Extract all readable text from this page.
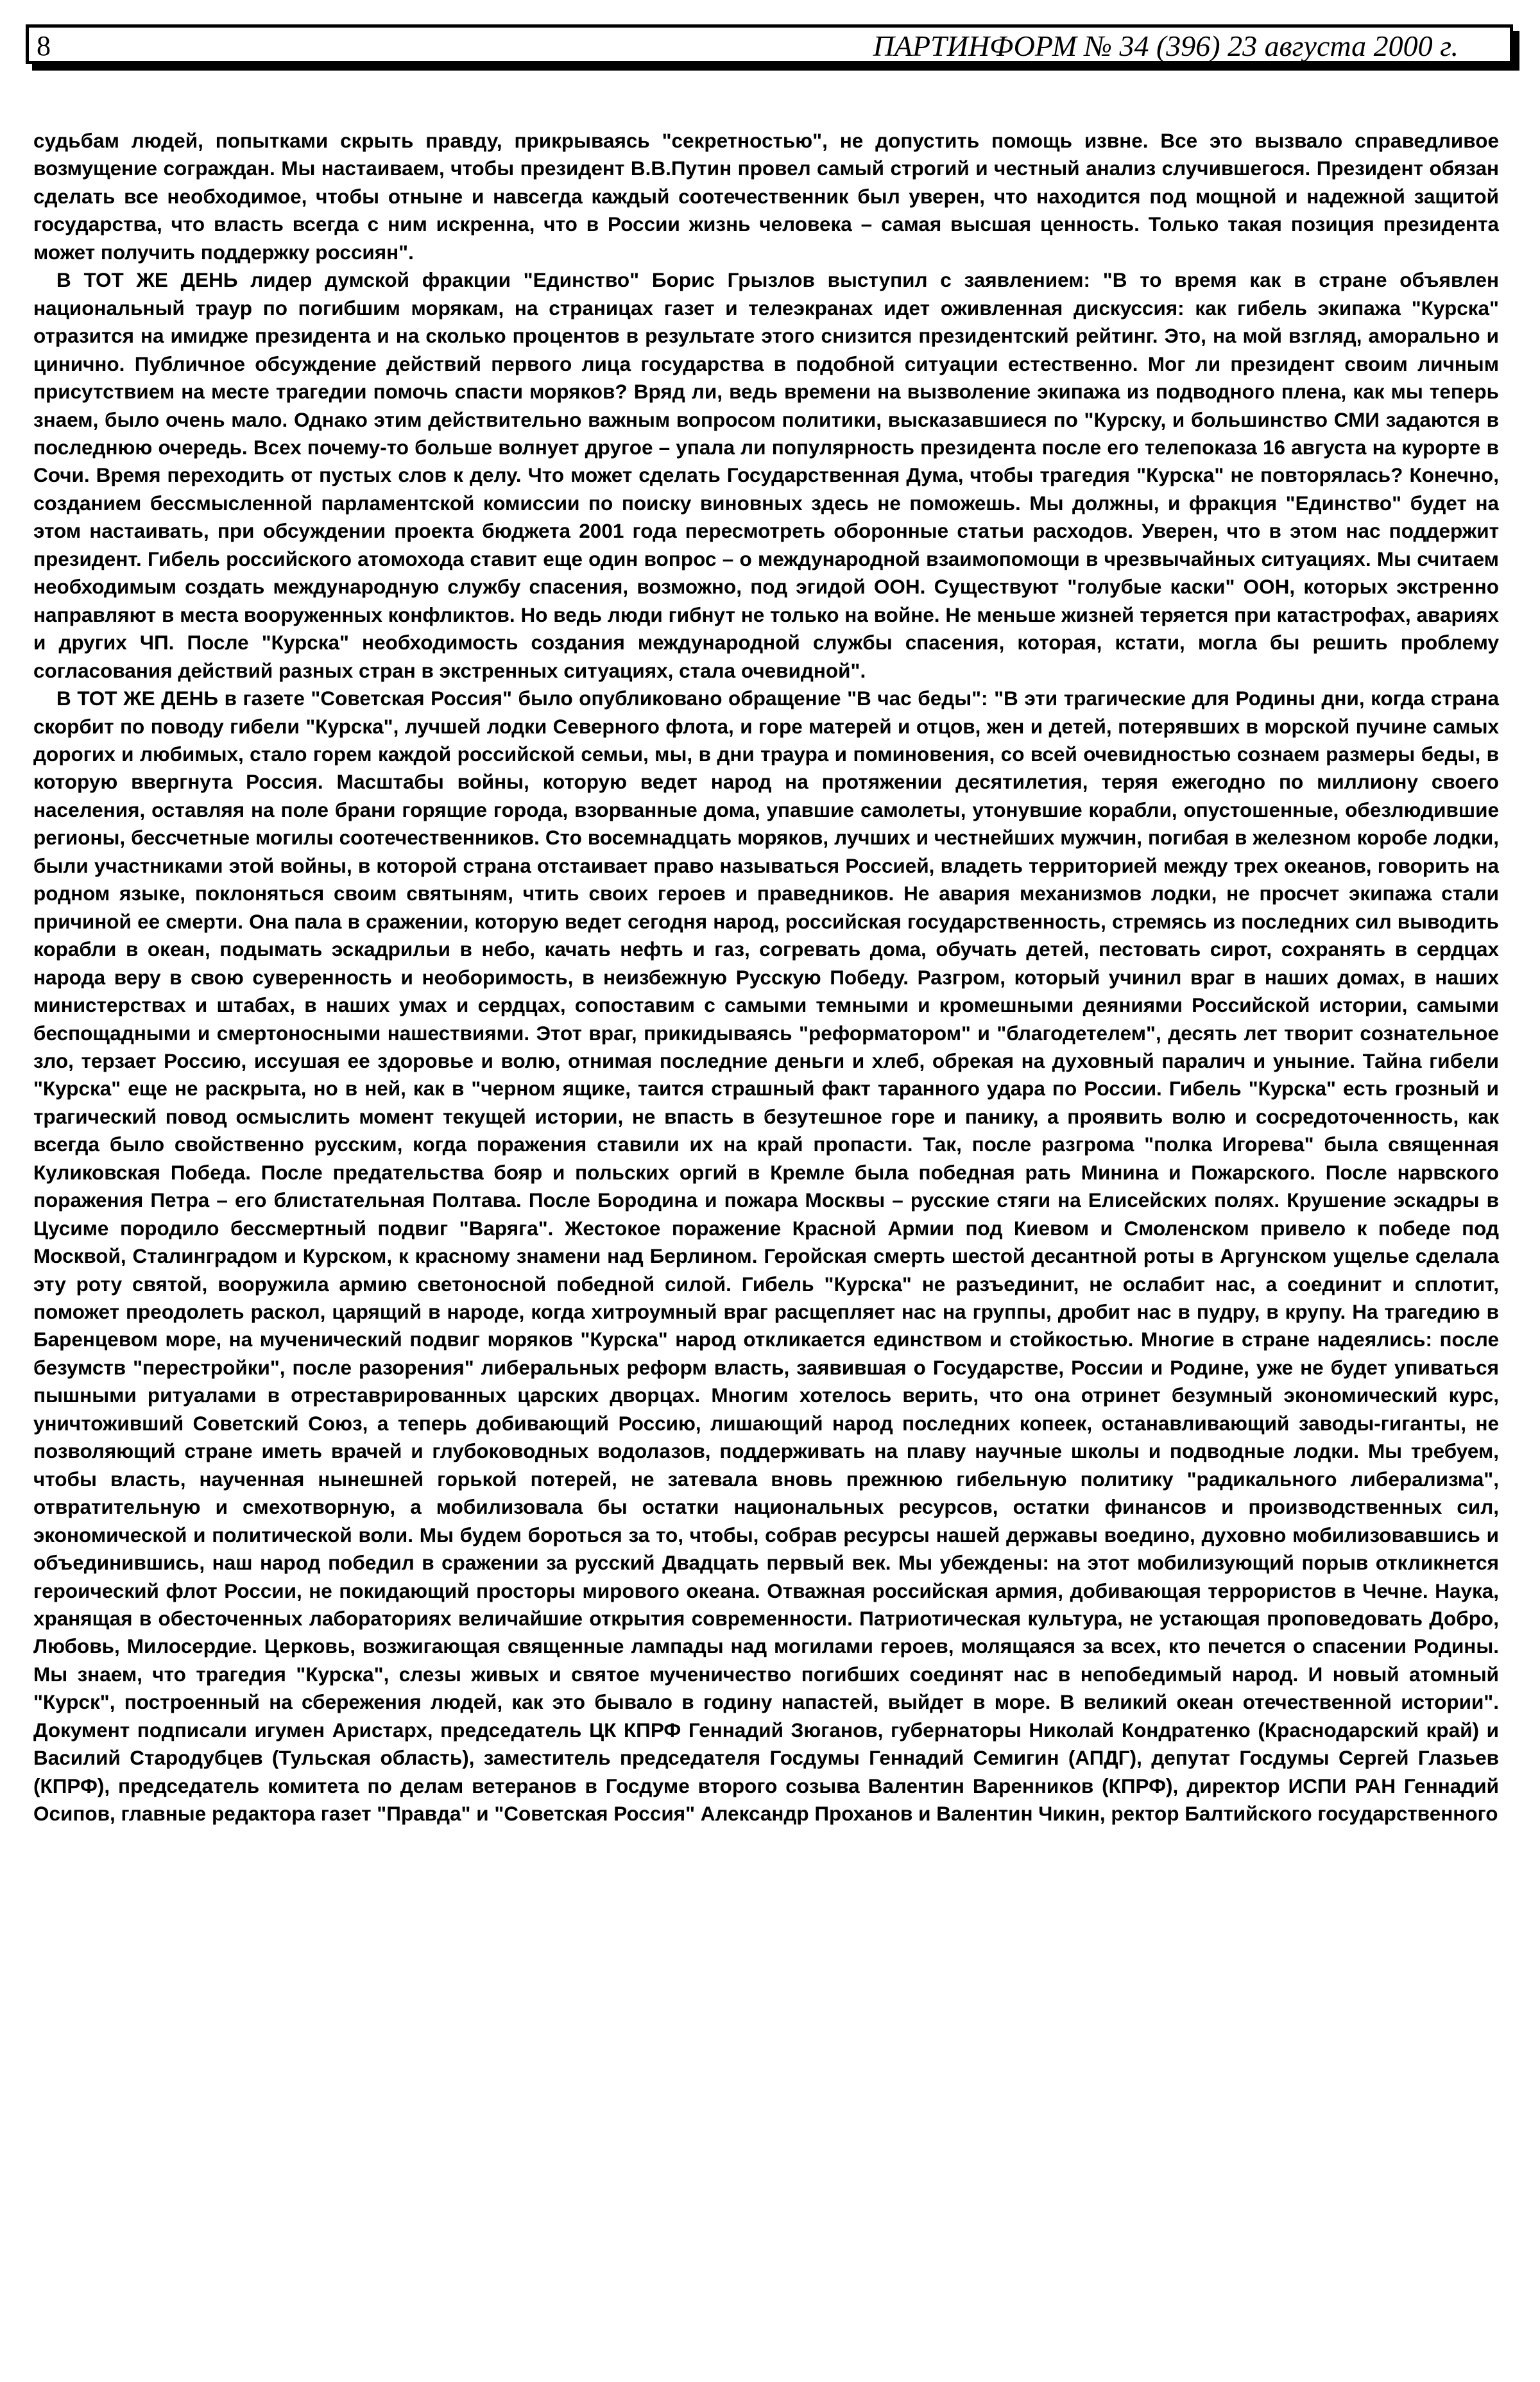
8	ПАРТИНФОРМ № 34 (396) 23 августа 2000 г.

судьбам людей, попытками скрыть правду, прикрываясь "секретностью", не допустить помощь извне. Все это вызвало справедливое возмущение сограждан. Мы настаиваем, чтобы президент В.В.Путин провел самый строгий и честный анализ случившегося. Президент обязан сделать все необходимое, чтобы отныне и навсегда каждый соотечественник был уверен, что находится под мощной и надежной защитой государства, что власть всегда с ним искренна, что в России жизнь человека – самая высшая ценность. Только такая позиция президента может получить поддержку россиян".

В ТОТ ЖЕ ДЕНЬ лидер думской фракции "Единство" Борис Грызлов выступил с заявлением: "В то время как в стране объявлен национальный траур по погибшим морякам, на страницах газет и телеэкранах идет оживленная дискуссия: как гибель экипажа "Курска" отразится на имидже президента и на сколько процентов в результате этого снизится президентский рейтинг. Это, на мой взгляд, аморально и цинично. Публичное обсуждение действий первого лица государства в подобной ситуации естественно. Мог ли президент своим личным присутствием на месте трагедии помочь спасти моряков? Вряд ли, ведь времени на вызволение экипажа из подводного плена, как мы теперь знаем, было очень мало. Однако этим действительно важным вопросом политики, высказавшиеся по "Курску, и большинство СМИ задаются в последнюю очередь. Всех почему-то больше волнует другое – упала ли популярность президента после его телепоказа 16 августа на курорте в Сочи. Время переходить от пустых слов к делу. Что может сделать Государственная Дума, чтобы трагедия "Курска" не повторялась? Конечно, созданием бессмысленной парламентской комиссии по поиску виновных здесь не поможешь. Мы должны, и фракция "Единство" будет на этом настаивать, при обсуждении проекта бюджета 2001 года пересмотреть оборонные статьи расходов. Уверен, что в этом нас поддержит президент. Гибель российского атомохода ставит еще один вопрос – о международной взаимопомощи в чрезвычайных ситуациях. Мы считаем необходимым создать международную службу спасения, возможно, под эгидой ООН. Существуют "голубые каски" ООН, которых экстренно направляют в места вооруженных конфликтов. Но ведь люди гибнут не только на войне. Не меньше жизней теряется при катастрофах, авариях и других ЧП. После "Курска" необходимость создания международной службы спасения, которая, кстати, могла бы решить проблему согласования действий разных стран в экстренных ситуациях, стала очевидной".

В ТОТ ЖЕ ДЕНЬ в газете "Советская Россия" было опубликовано обращение "В час беды": "В эти трагические для Родины дни, когда страна скорбит по поводу гибели "Курска", лучшей лодки Северного флота, и горе матерей и отцов, жен и детей, потерявших в морской пучине самых дорогих и любимых, стало горем каждой российской семьи, мы, в дни траура и поминовения, со всей очевидностью сознаем размеры беды, в которую ввергнута Россия. Масштабы войны, которую ведет народ на протяжении десятилетия, теряя ежегодно по миллиону своего населения, оставляя на поле брани горящие города, взорванные дома, упавшие самолеты, утонувшие корабли, опустошенные, обезлюдившие регионы, бессчетные могилы соотечественников. Сто восемнадцать моряков, лучших и честнейших мужчин, погибая в железном коробе лодки, были участниками этой войны, в которой страна отстаивает право называться Россией, владеть территорией между трех океанов, говорить на родном языке, поклоняться своим святыням, чтить своих героев и праведников. Не авария механизмов лодки, не просчет экипажа стали причиной ее смерти. Она пала в сражении, которую ведет сегодня народ, российская государственность, стремясь из последних сил выводить корабли в океан, подымать эскадрильи в небо, качать нефть и газ, согревать дома, обучать детей, пестовать сирот, сохранять в сердцах народа веру в свою суверенность и необоримость, в неизбежную Русскую Победу. Разгром, который учинил враг в наших домах, в наших министерствах и штабах, в наших умах и сердцах, сопоставим с самыми темными и кромешными деяниями Российской истории, самыми беспощадными и смертоносными нашествиями. Этот враг, прикидываясь "реформатором" и "благодетелем", десять лет творит сознательное зло, терзает Россию, иссушая ее здоровье и волю, отнимая последние деньги и хлеб, обрекая на духовный паралич и уныние. Тайна гибели "Курска" еще не раскрыта, но в ней, как в "черном ящике, таится страшный факт таранного удара по России. Гибель "Курска" есть грозный и трагический повод осмыслить момент текущей истории, не впасть в безутешное горе и панику, а проявить волю и сосредоточенность, как всегда было свойственно русским, когда поражения ставили их на край пропасти. Так, после разгрома "полка Игорева" была священная Куликовская Победа. После предательства бояр и польских оргий в Кремле была победная рать Минина и Пожарского. После нарвского поражения Петра – его блистательная Полтава. После Бородина и пожара Москвы – русские стяги на Елисейских полях. Крушение эскадры в Цусиме породило бессмертный подвиг "Варяга". Жестокое поражение Красной Армии под Киевом и Смоленском привело к победе под Москвой, Сталинградом и Курском, к красному знамени над Берлином. Геройская смерть шестой десантной роты в Аргунском ущелье сделала эту роту святой, вооружила армию светоносной победной силой. Гибель "Курска" не разъединит, не ослабит нас, а соединит и сплотит, поможет преодолеть раскол, царящий в народе, когда хитроумный враг расщепляет нас на группы, дробит нас в пудру, в крупу. На трагедию в Баренцевом море, на мученический подвиг моряков "Курска" народ откликается единством и стойкостью. Многие в стране надеялись: после безумств "перестройки", после разорения" либеральных реформ власть, заявившая о Государстве, России и Родине, уже не будет упиваться пышными ритуалами в отреставрированных царских дворцах. Многим хотелось верить, что она отринет безумный экономический курс, уничтоживший Советский Союз, а теперь добивающий Россию, лишающий народ последних копеек, останавливающий заводы-гиганты, не позволяющий стране иметь врачей и глубоководных водолазов, поддерживать на плаву научные школы и подводные лодки. Мы требуем, чтобы власть, наученная нынешней горькой потерей, не затевала вновь прежнюю гибельную политику "радикального либерализма", отвратительную и смехотворную, а мобилизовала бы остатки национальных ресурсов, остатки финансов и производственных сил, экономической и политической воли. Мы будем бороться за то, чтобы, собрав ресурсы нашей державы воедино, духовно мобилизовавшись и объединившись, наш народ победил в сражении за русский Двадцать первый век. Мы убеждены: на этот мобилизующий порыв откликнется героический флот России, не покидающий просторы мирового океана. Отважная российская армия, добивающая террористов в Чечне. Наука, хранящая в обесточенных лабораториях величайшие открытия современности. Патриотическая культура, не устающая проповедовать Добро, Любовь, Милосердие. Церковь, возжигающая священные лампады над могилами героев, молящаяся за всех, кто печется о спасении Родины. Мы знаем, что трагедия "Курска", слезы живых и святое мученичество погибших соединят нас в непобедимый народ. И новый атомный "Курск", построенный на сбережения людей, как это бывало в годину напастей, выйдет в море. В великий океан отечественной истории". Документ подписали игумен Аристарх, председатель ЦК КПРФ Геннадий Зюганов, губернаторы Николай Кондратенко (Краснодарский край) и Василий Стародубцев (Тульская область), заместитель председателя Госдумы Геннадий Семигин (АПДГ), депутат Госдумы Сергей Глазьев (КПРФ), председатель комитета по делам ветеранов в Госдуме второго созыва Валентин Варенников (КПРФ), директор ИСПИ РАН Геннадий Осипов, главные редактора газет "Правда" и "Советская Россия" Александр Проханов и Валентин Чикин, ректор Балтийского государственного
